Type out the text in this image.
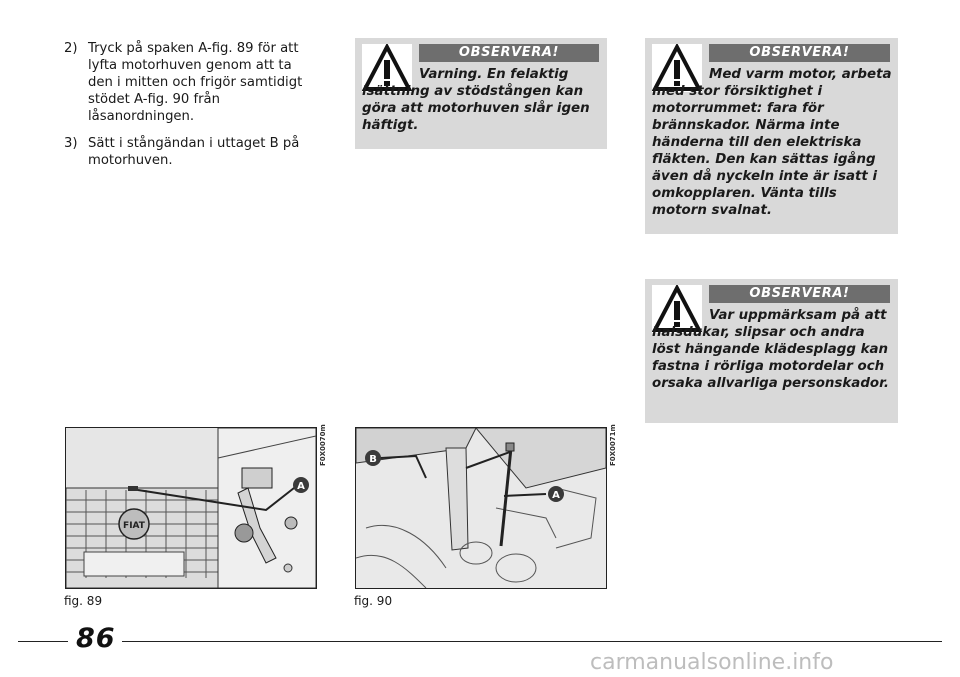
2) Tryck på spaken A-fig. 89 för att lyfta motorhuven genom att ta den i mitten och frigör samtidigt stödet A-fig. 90 från låsanordningen.
3) Sätt i stångändan i uttaget B på motorhuven.
OBSERVERA!
Varning. En felaktig isättning av stödstången kan göra att motorhuven slår igen häftigt.
OBSERVERA!
Med varm motor, arbeta med stor försiktighet i motorrummet: fara för brännskador. Närma inte händerna till den elektriska fläkten. Den kan sättas igång även då nyckeln inte är isatt i omkopplaren. Vänta tills motorn svalnat.
OBSERVERA!
Var uppmärksam på att halsdukar, slipsar och andra löst hängande klädesplagg kan fastna i rörliga motordelar och orsaka allvarliga personskador.
FIAT
A
F0X0070m
fig. 89
B
A
F0X0071m
fig. 90
86
carmanualsonline.info
